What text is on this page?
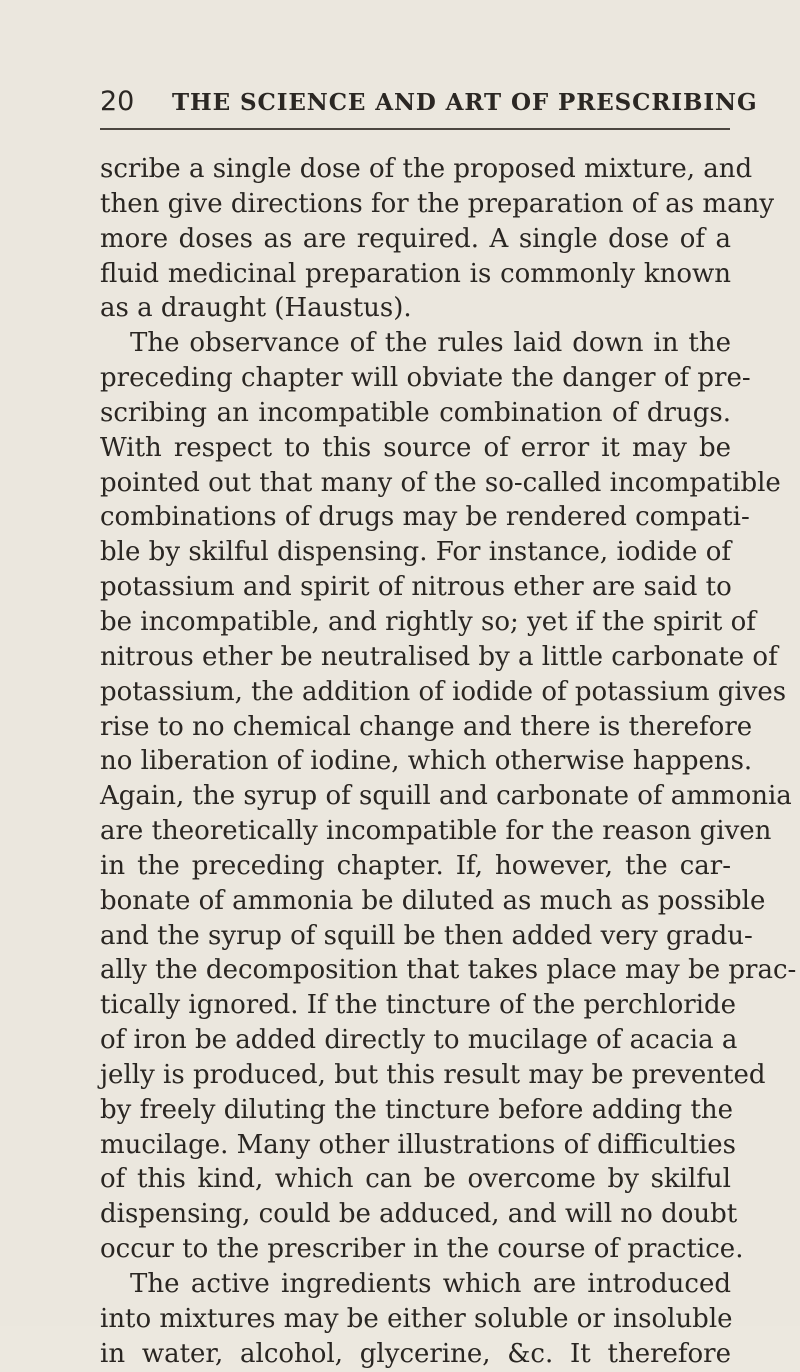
20 THE SCIENCE AND ART OF PRESCRIBING
scribe a single dose of the proposed mixture, and
then give directions for the preparation of as many
more doses as are required. A single dose of a
fluid medicinal preparation is commonly known
as a draught (Haustus).
The observance of the rules laid down in the
preceding chapter will obviate the danger of pre-
scribing an incompatible combination of drugs.
With respect to this source of error it may be
pointed out that many of the so-called incompatible
combinations of drugs may be rendered compati-
ble by skilful dispensing. For instance, iodide of
potassium and spirit of nitrous ether are said to
be incompatible, and rightly so; yet if the spirit of
nitrous ether be neutralised by a little carbonate of
potassium, the addition of iodide of potassium gives
rise to no chemical change and there is therefore
no liberation of iodine, which otherwise happens.
Again, the syrup of squill and carbonate of ammonia
are theoretically incompatible for the reason given
in the preceding chapter. If, however, the car-
bonate of ammonia be diluted as much as possible
and the syrup of squill be then added very gradu-
ally the decomposition that takes place may be prac-
tically ignored. If the tincture of the perchloride
of iron be added directly to mucilage of acacia a
jelly is produced, but this result may be prevented
by freely diluting the tincture before adding the
mucilage. Many other illustrations of difficulties
of this kind, which can be overcome by skilful
dispensing, could be adduced, and will no doubt
occur to the prescriber in the course of practice.
The active ingredients which are introduced
into mixtures may be either soluble or insoluble
in water, alcohol, glycerine, &c. It therefore
